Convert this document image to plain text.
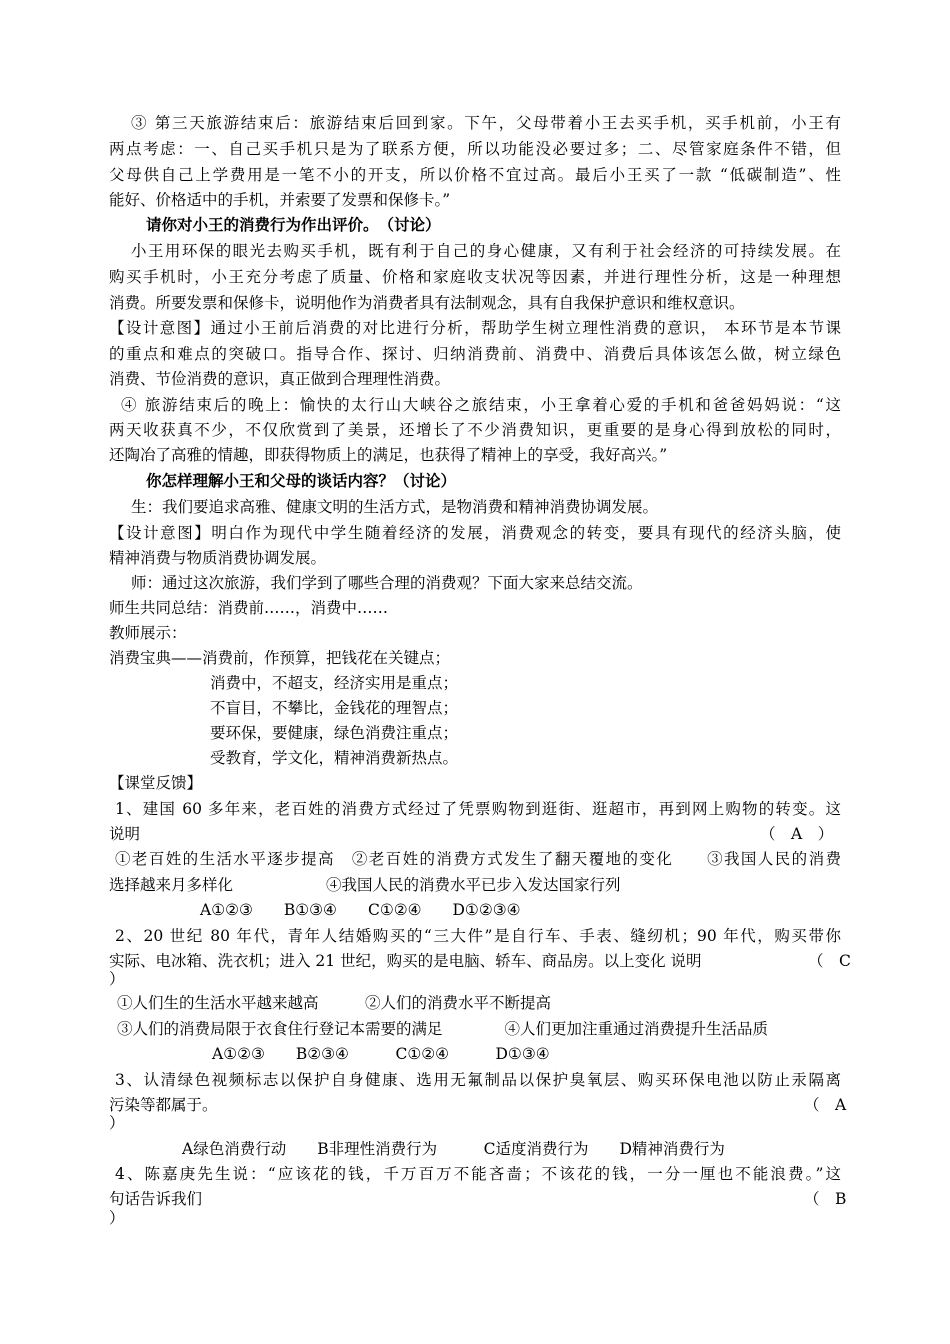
③ 第三天旅游结束后：旅游结束后回到家。下午，父母带着小王去买手机，买手机前，小王有
两点考虑：一、自己买手机只是为了联系方便，所以功能没必要过多；二、尽管家庭条件不错，但
父母供自己上学费用是一笔不小的开支，所以价格不宜过高。最后小王买了一款 “低碳制造”、性
能好、价格适中的手机，并索要了发票和保修卡。”
请你对小王的消费行为作出评价。　（讨论）
小王用环保的眼光去购买手机，既有利于自己的身心健康，又有利于社会经济的可持续发展。在
购买手机时，小王充分考虑了质量、价格和家庭收支状况等因素，并进行理性分析，这是一种理想
消费。所要发票和保修卡，说明他作为消费者具有法制观念，具有自我保护意识和维权意识。
【设计意图】通过小王前后消费的对比进行分析，帮助学生树立理性消费的意识， 本环节是本节课
的重点和难点的突破口。指导合作、探讨、归纳消费前、消费中、消费后具体该怎么做，树立绿色
消费、节俭消费的意识，真正做到合理理性消费。
④ 旅游结束后的晚上：愉快的太行山大峡谷之旅结束，小王拿着心爱的手机和爸爸妈妈说：“这
两天收获真不少，不仅欣赏到了美景，还增长了不少消费知识，更重要的是身心得到放松的同时，
还陶冶了高雅的情趣，即获得物质上的满足，也获得了精神上的享受，我好高兴。”
你怎样理解小王和父母的谈话内容？（讨论）
生：我们要追求高雅、健康文明的生活方式，是物消费和精神消费协调发展。
【设计意图】明白作为现代中学生随着经济的发展，消费观念的转变，要具有现代的经济头脑，使
精神消费与物质消费协调发展。
师：通过这次旅游，我们学到了哪些合理的消费观？下面大家来总结交流。
师生共同总结：消费前……，消费中……
教师展示：
消费宝典——消费前，作预算，把钱花在关键点；
消费中，不超支，经济实用是重点；
不盲目，不攀比，金钱花的理智点；
要环保，要健康，绿色消费注重点；
受教育，学文化，精神消费新热点。
【课堂反馈】
1、建国 60 多年来，老百姓的消费方式经过了凭票购物到逛街、逛超市，再到网上购物的转变。这
说明	（　A　）
①老百姓的生活水平逐步提高　②老百姓的消费方式发生了翻天覆地的变化　　③我国人民的消费
选择越来月多样化　　　　　　④我国人民的消费水平已步入发达国家行列
A①②③　　B①③④　　C①②④　　D①②③④
2、20 世纪 80 年代，青年人结婚购买的“三大件”是自行车、手表、缝纫机；90 年代，购买带你
实际、电冰箱、洗衣机；进入 21 世纪，购买的是电脑、轿车、商品房。以上变化 说明	（　C
）
①人们生的生活水平越来越高　　　②人们的消费水平不断提高
③人们的消费局限于衣食住行登记本需要的满足　　　　④人们更加注重通过消费提升生活品质
A①②③　　B②③④　　　C①②④　　　D①③④
3、认清绿色视频标志以保护自身健康、选用无氟制品以保护臭氧层、购买环保电池以防止汞隔离
污染等都属于。	（　A
）
A绿色消费行动　　B非理性消费行为　　　C适度消费行为　　D精神消费行为
4、陈嘉庚先生说：“应该花的钱，千万百万不能吝啬；不该花的钱，一分一厘也不能浪费。”这
句话告诉我们	（　B
）
